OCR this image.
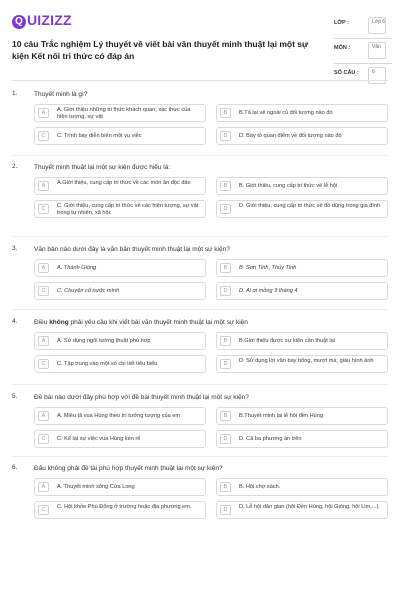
Q UIZIZZ
10 câu Trắc nghiệm Lý thuyết về viết bài văn thuyết minh thuật lại một sự kiện Kết nối tri thức có đáp án
LỚP :	Lớp 6
MÔN :	Văn
SỐ CÂU :	6
1.	Thuyết minh là gì?
A	A. Giới thiệu những tri thức khách quan, xác thực của hiện tượng, sự vật
B	B.Tả lại vẻ ngoài củ đối tượng nào đó
C	C. Trình bày diễn biến một vụ việc	D	D. Bày tỏ quan điểm về đối tượng nào đó
2.	Thuyết minh thuật lại một sự kiện được hiểu là:
A	A.Giới thiệu, cung cấp tri thức về các món ăn độc đáo	B	B. Giới thiệu, cung cấp tri thức về lễ hội
C	C. Giới thiệu, cung cấp tri thức về các hiện tượng, sự vật trong tự nhiên, xã hội.
D	D. Giới thiệu, cung cấp tri thức về đồ dùng trong gia đình
3.	Văn bản nào dưới đây là văn bản thuyết minh thuật lại một sự kiện?
A	A. Thánh Gióng	B	B. Sơn Tinh, Thủy Tinh
C	C. Chuyện cổ nước mình	D	D. Ai ơi mồng 9 tháng 4
4.	Điều không phải yêu cầu khi viết bài văn thuyết minh thuật lại một sự kiện
A	A. Sử dụng ngôi tường thuật phù hợp	B	B.Giới thiệu được sự kiện cần thuật lại
C	C. Tập trung vào một số chi tiết tiêu biểu	D	D. Sử dụng lời văn bay bổng, mượt mà, giàu hình ảnh
5.	Đề bài nào dưới đây phù hợp với đề bài thuyết minh thuật lại một sự kiện?
A	A. Miêu tả vua Hùng theo trí tưởng tượng của em	B	B.Thuyết minh lại lễ hội đền Hùng
C	C. Kể lại sự việc vua Hùng kén rể	D	D. Cả ba phương án trên
6.	Đâu không phải đề tài phù hợp thuyết minh thuật lại một sự kiện?
A	A. Thuyết minh sông Cửa Long	B	B. Hội chợ sách.
C	C. Hội khỏe Phù Đổng ở trường hoặc địa phương em.	D	D. Lễ hội dân gian (hội Đền Hùng, hội Gióng, hội Lim,...).
